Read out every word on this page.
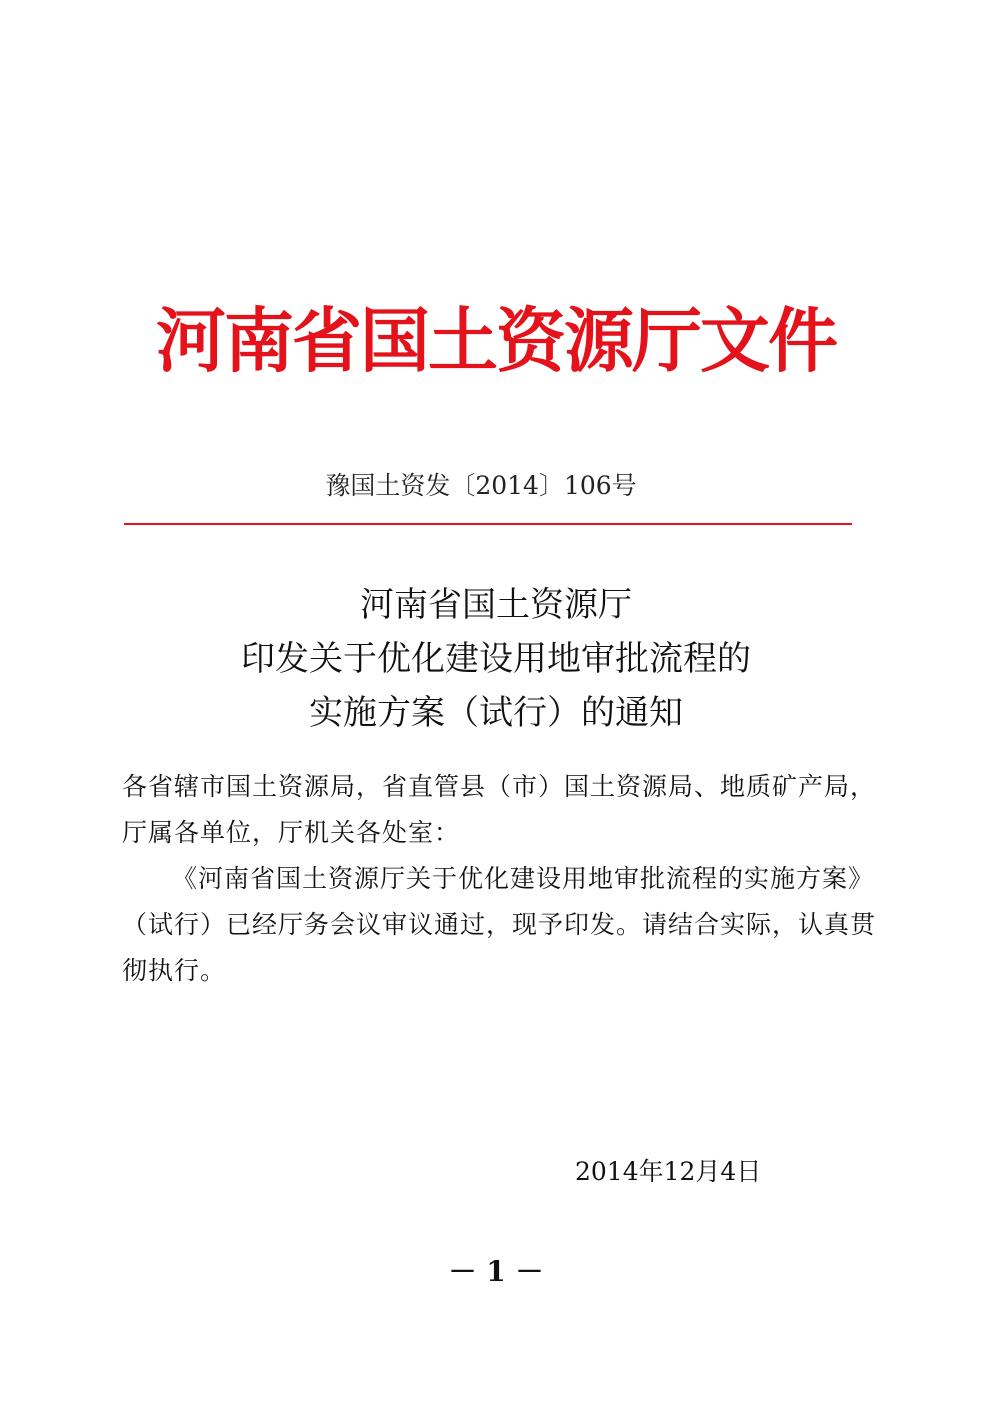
河南省国土资源厅文件
豫国土资发〔2014〕106号
河南省国土资源厅
印发关于优化建设用地审批流程的
实施方案（试行）的通知
各省辖市国土资源局，省直管县（市）国土资源局、地质矿产局，厅属各单位，厅机关各处室：
《河南省国土资源厅关于优化建设用地审批流程的实施方案》（试行）已经厅务会议审议通过，现予印发。请结合实际，认真贯彻执行。
2014年12月4日
－ 1 －
